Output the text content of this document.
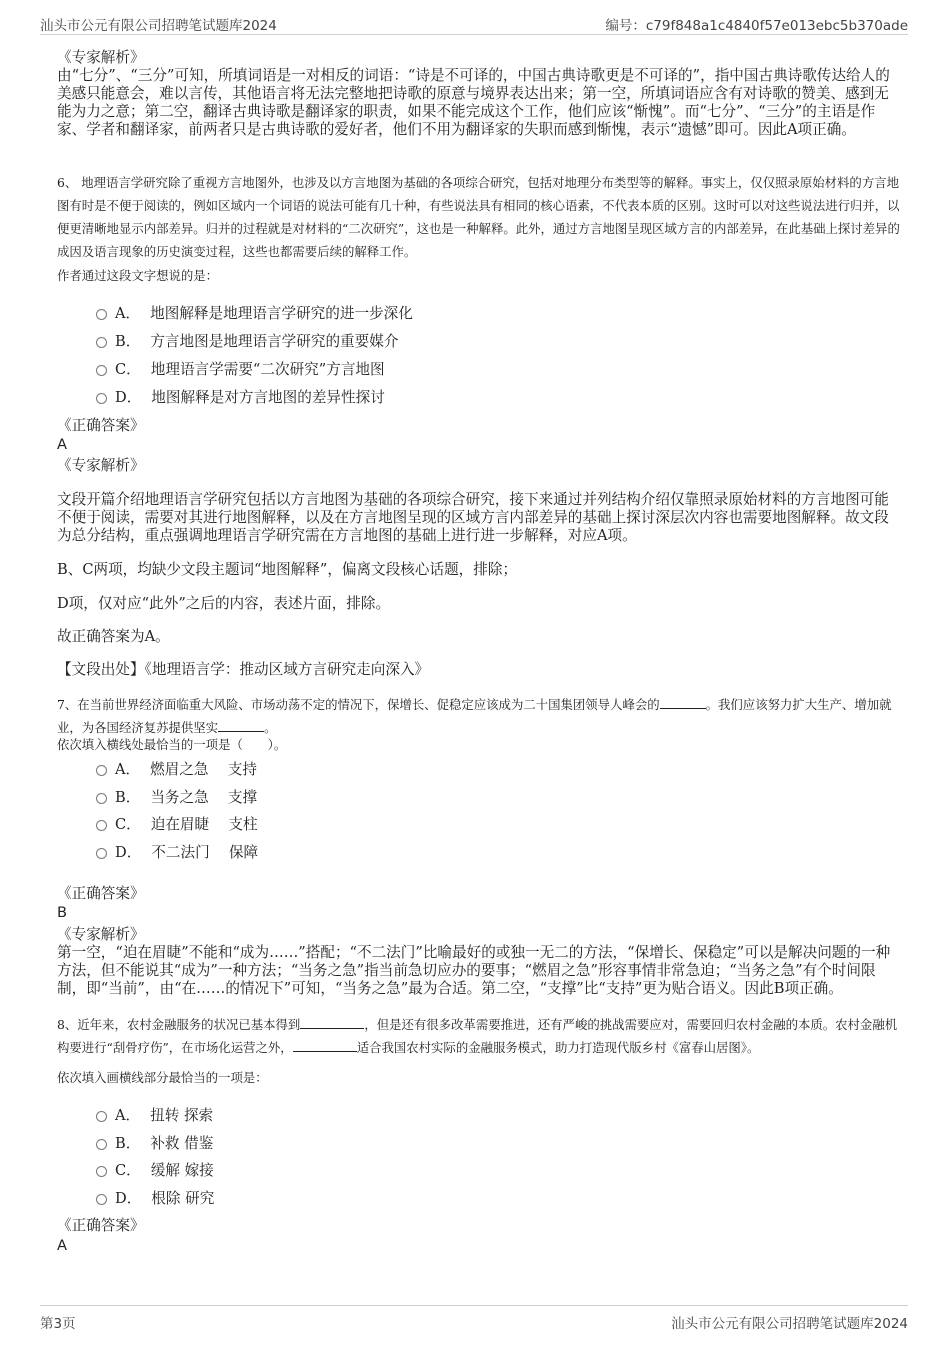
汕头市公元有限公司招聘笔试题库2024	编号：c79f848a1c4840f57e013ebc5b370ade

《专家解析》

由“七分”、“三分”可知，所填词语是一对相反的词语：“诗是不可译的，中国古典诗歌更是不可译的”，指中国古典诗歌传达给人的美感只能意会，难以言传，其他语言将无法完整地把诗歌的原意与境界表达出来；第一空，所填词语应含有对诗歌的赞美、感到无能为力之意；第二空，翻译古典诗歌是翻译家的职责，如果不能完成这个工作，他们应该“惭愧”。而“七分”、“三分”的主语是作家、学者和翻译家，前两者只是古典诗歌的爱好者，他们不用为翻译家的失职而感到惭愧，表示“遗憾”即可。因此A项正确。

6、 地理语言学研究除了重视方言地图外，也涉及以方言地图为基础的各项综合研究，包括对地理分布类型等的解释。事实上，仅仅照录原始材料的方言地图有时是不便于阅读的，例如区域内一个词语的说法可能有几十种，有些说法具有相同的核心语素，不代表本质的区别。这时可以对这些说法进行归并，以便更清晰地显示内部差异。归并的过程就是对材料的“二次研究”，这也是一种解释。此外，通过方言地图呈现区域方言的内部差异，在此基础上探讨差异的成因及语言现象的历史演变过程，这些也都需要后续的解释工作。
作者通过这段文字想说的是：
A． 地图解释是地理语言学研究的进一步深化
B． 方言地图是地理语言学研究的重要媒介
C． 地理语言学需要“二次研究”方言地图
D． 地图解释是对方言地图的差异性探讨
《正确答案》
A
《专家解析》
文段开篇介绍地理语言学研究包括以方言地图为基础的各项综合研究，接下来通过并列结构介绍仅靠照录原始材料的方言地图可能不便于阅读，需要对其进行地图解释，以及在方言地图呈现的区域方言内部差异的基础上探讨深层次内容也需要地图解释。故文段为总分结构，重点强调地理语言学研究需在方言地图的基础上进行进一步解释，对应A项。
B、C两项，均缺少文段主题词“地图解释”，偏离文段核心话题，排除；
D项，仅对应“此外”之后的内容，表述片面，排除。
故正确答案为A。
【文段出处】《地理语言学：推动区域方言研究走向深入》
7、在当前世界经济面临重大风险、市场动荡不定的情况下，保增长、促稳定应该成为二十国集团领导人峰会的	。我们应该努力扩大生产、增加就业，为各国经济复苏提供坚实	。
依次填入横线处最恰当的一项是（　　）。
A． 燃眉之急　 支持
B． 当务之急　 支撑
C． 迫在眉睫　 支柱
D． 不二法门　 保障
《正确答案》
B

《专家解析》

第一空，“迫在眉睫”不能和“成为……”搭配；“不二法门”比喻最好的或独一无二的方法，“保增长、保稳定”可以是解决问题的一种方法，但不能说其“成为”一种方法；“当务之急”指当前急切应办的要事；“燃眉之急”形容事情非常急迫；“当务之急”有个时间限制，即“当前”，由“在……的情况下”可知，“当务之急”最为合适。第二空，“支撑”比“支持”更为贴合语义。因此B项正确。

8、近年来，农村金融服务的状况已基本得到	，但是还有很多改革需要推进，还有严峻的挑战需要应对，需要回归农村金融的本质。农村金融机构要进行“刮骨疗伤”，在市场化运营之外，	适合我国农村实际的金融服务模式，助力打造现代版乡村《富春山居图》。
依次填入画横线部分最恰当的一项是：
A． 扭转 探索
B． 补救 借鉴
C． 缓解 嫁接
D． 根除 研究
《正确答案》
A
第3页	汕头市公元有限公司招聘笔试题库2024
